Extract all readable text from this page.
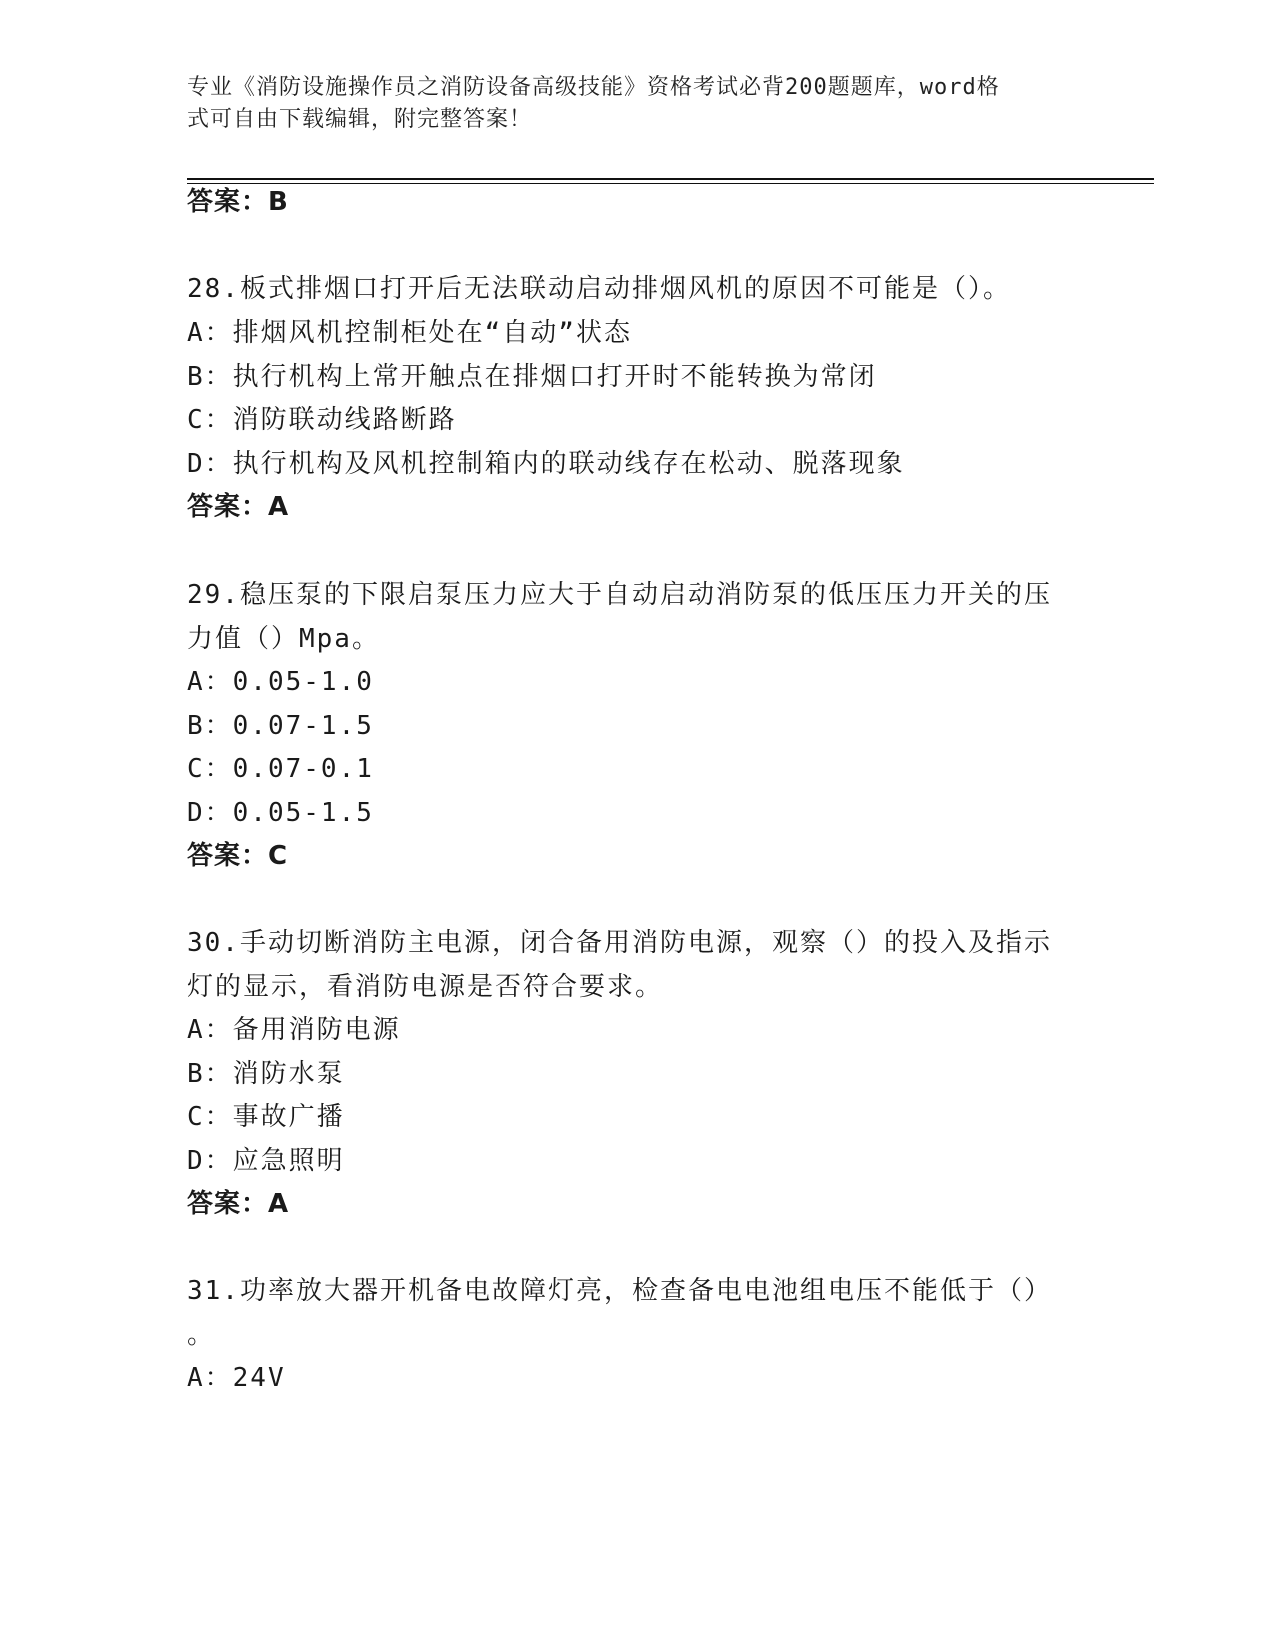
专业《消防设施操作员之消防设备高级技能》资格考试必背200题题库，word格
式可自由下载编辑，附完整答案！
答案：B
28.板式排烟口打开后无法联动启动排烟风机的原因不可能是（）。
A：排烟风机控制柜处在“自动”状态
B：执行机构上常开触点在排烟口打开时不能转换为常闭
C：消防联动线路断路
D：执行机构及风机控制箱内的联动线存在松动、脱落现象
答案：A
29.稳压泵的下限启泵压力应大于自动启动消防泵的低压压力开关的压
力值（）Mpa。
A：0.05-1.0
B：0.07-1.5
C：0.07-0.1
D：0.05-1.5
答案：C
30.手动切断消防主电源，闭合备用消防电源，观察（）的投入及指示
灯的显示，看消防电源是否符合要求。
A：备用消防电源
B：消防水泵
C：事故广播
D：应急照明
答案：A
31.功率放大器开机备电故障灯亮，检查备电电池组电压不能低于（）
。
A：24V
